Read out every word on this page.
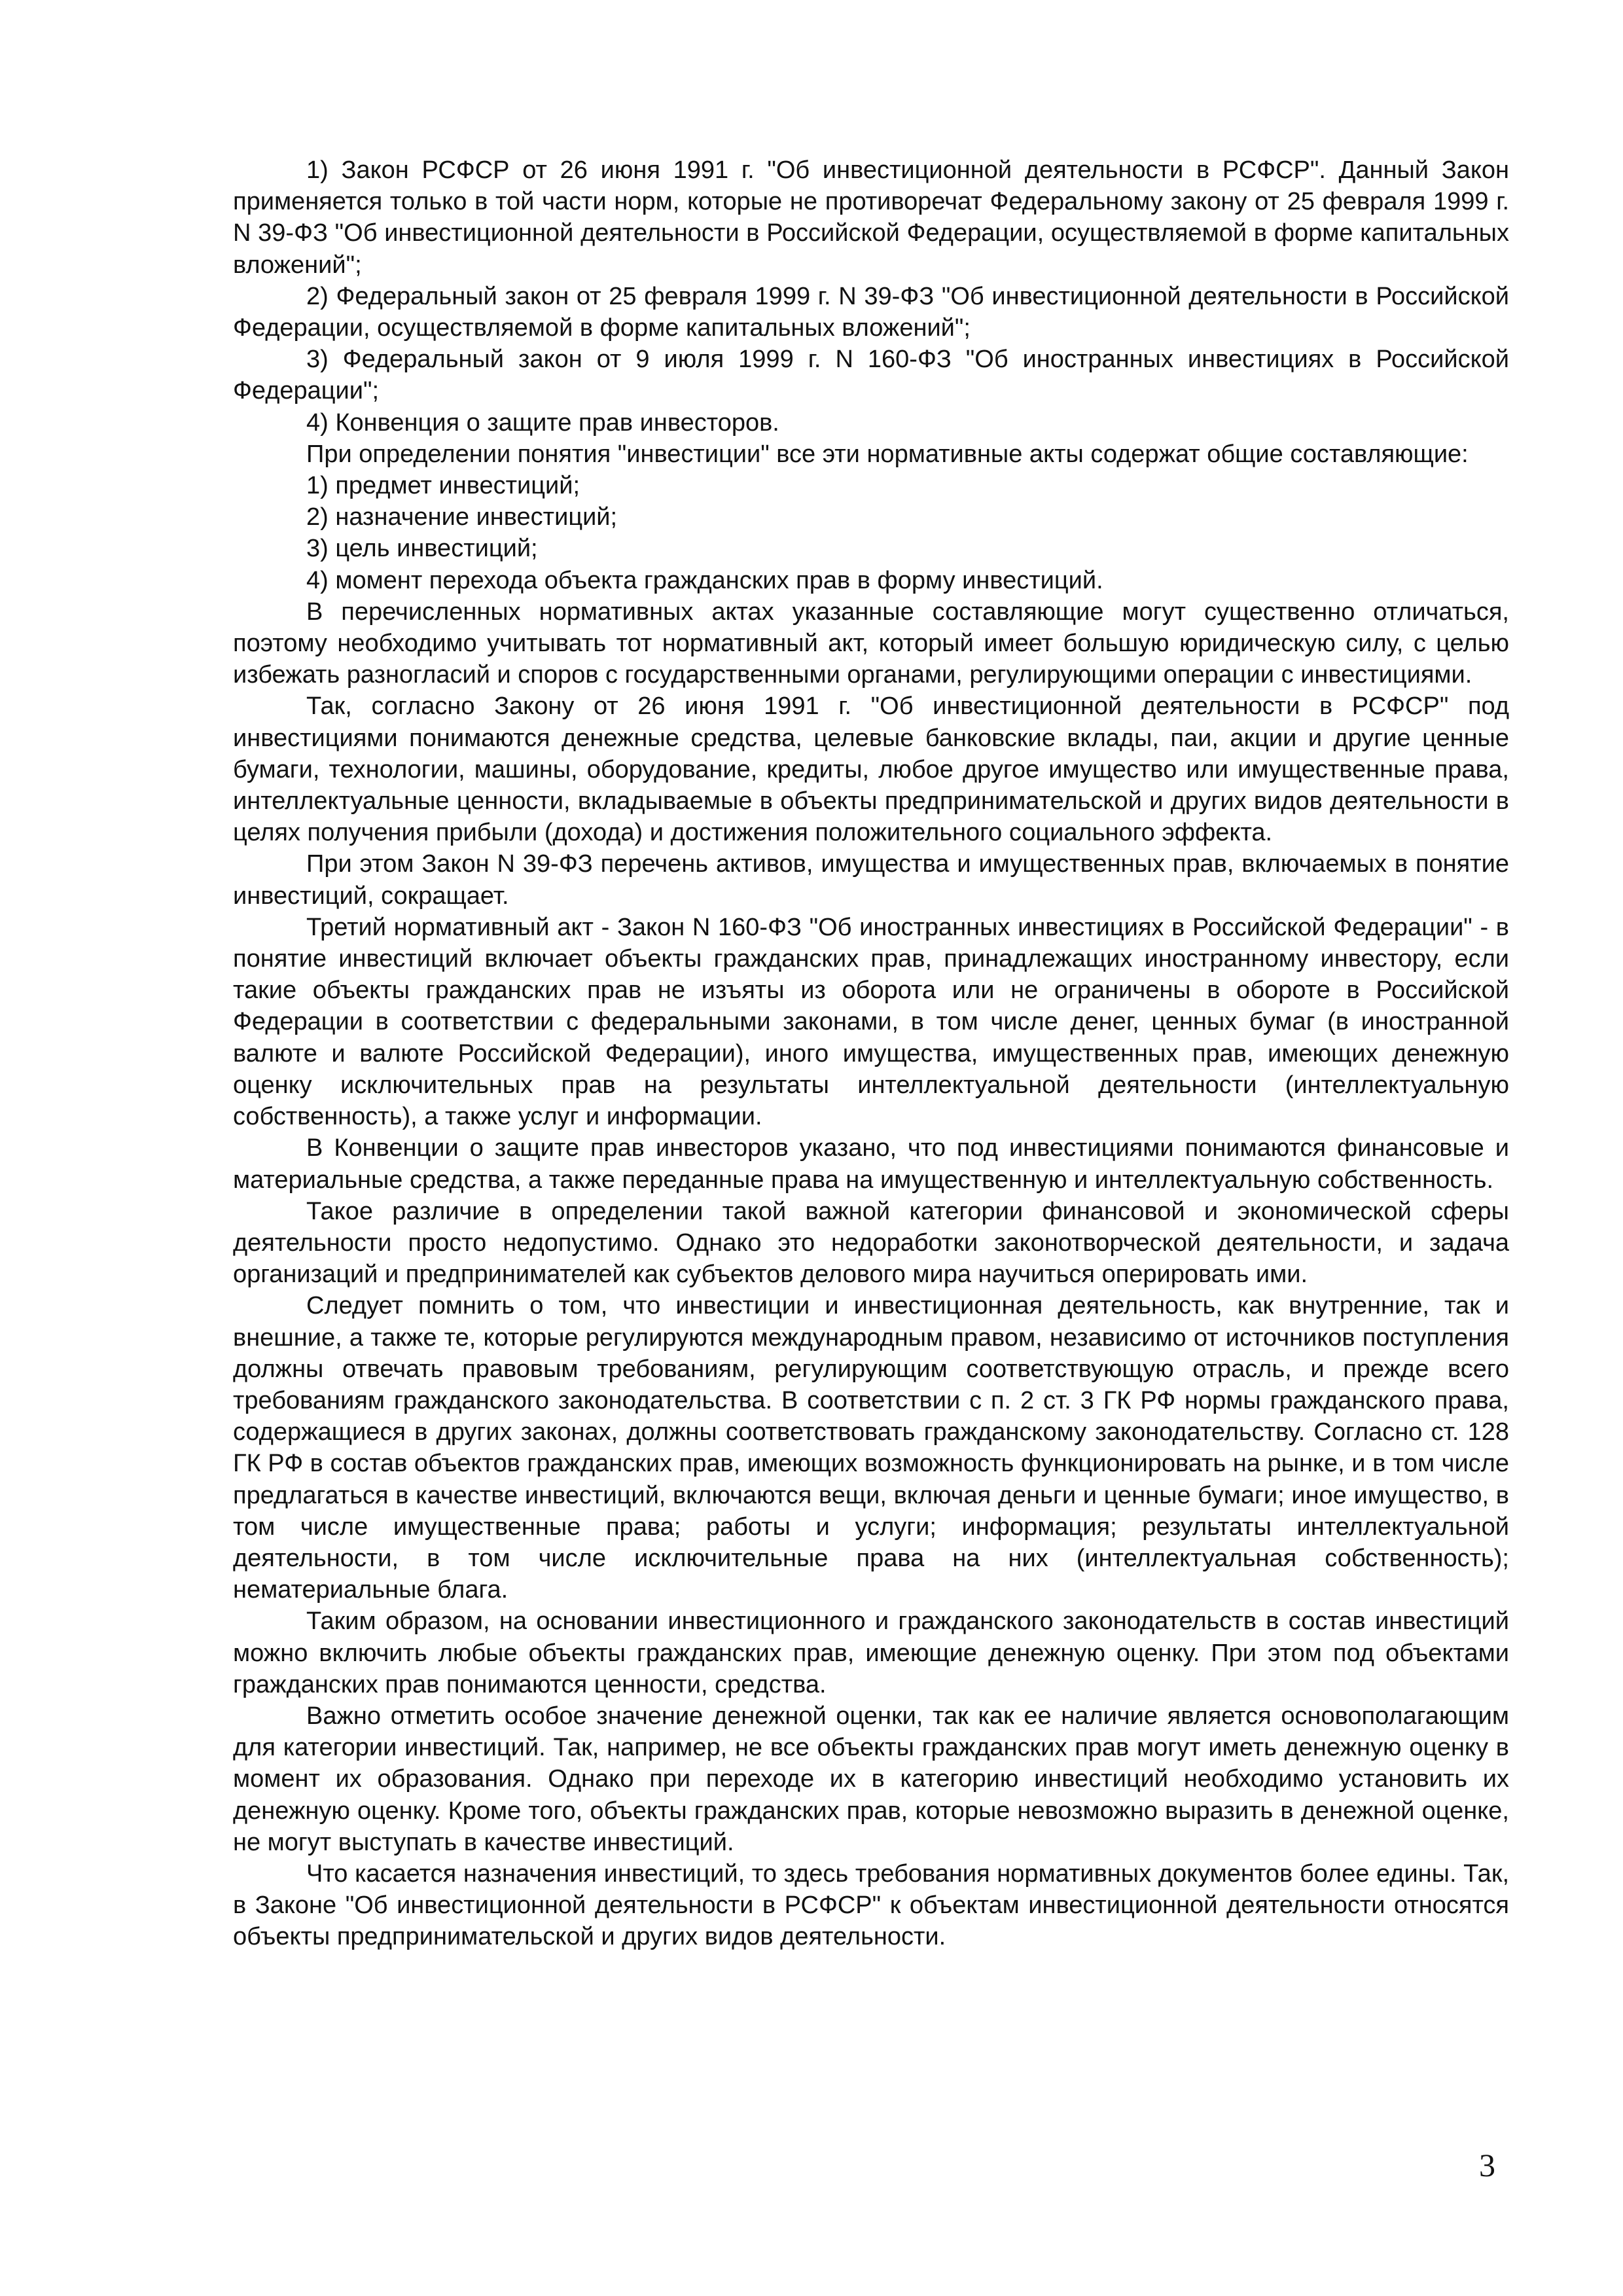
1) Закон РСФСР от 26 июня 1991 г. "Об инвестиционной деятельности в РСФСР". Данный Закон применяется только в той части норм, которые не противоречат Федеральному закону от 25 февраля 1999 г. N 39-ФЗ "Об инвестиционной деятельности в Российской Федерации, осуществляемой в форме капитальных вложений";

2) Федеральный закон от 25 февраля 1999 г. N 39-ФЗ "Об инвестиционной деятельности в Российской Федерации, осуществляемой в форме капитальных вложений";

3) Федеральный закон от 9 июля 1999 г. N 160-ФЗ "Об иностранных инвестициях в Российской Федерации";

4) Конвенция о защите прав инвесторов.

При определении понятия "инвестиции" все эти нормативные акты содержат общие составляющие:

1) предмет инвестиций;

2) назначение инвестиций;

3) цель инвестиций;

4) момент перехода объекта гражданских прав в форму инвестиций.

В перечисленных нормативных актах указанные составляющие могут существенно отличаться, поэтому необходимо учитывать тот нормативный акт, который имеет большую юридическую силу, с целью избежать разногласий и споров с государственными органами, регулирующими операции с инвестициями.

Так, согласно Закону от 26 июня 1991 г. "Об инвестиционной деятельности в РСФСР" под инвестициями понимаются денежные средства, целевые банковские вклады, паи, акции и другие ценные бумаги, технологии, машины, оборудование, кредиты, любое другое имущество или имущественные права, интеллектуальные ценности, вкладываемые в объекты предпринимательской и других видов деятельности в целях получения прибыли (дохода) и достижения положительного социального эффекта.

При этом Закон N 39-ФЗ перечень активов, имущества и имущественных прав, включаемых в понятие инвестиций, сокращает.

Третий нормативный акт - Закон N 160-ФЗ "Об иностранных инвестициях в Российской Федерации" - в понятие инвестиций включает объекты гражданских прав, принадлежащих иностранному инвестору, если такие объекты гражданских прав не изъяты из оборота или не ограничены в обороте в Российской Федерации в соответствии с федеральными законами, в том числе денег, ценных бумаг (в иностранной валюте и валюте Российской Федерации), иного имущества, имущественных прав, имеющих денежную оценку исключительных прав на результаты интеллектуальной деятельности (интеллектуальную собственность), а также услуг и информации.

В Конвенции о защите прав инвесторов указано, что под инвестициями понимаются финансовые и материальные средства, а также переданные права на имущественную и интеллектуальную собственность.

Такое различие в определении такой важной категории финансовой и экономической сферы деятельности просто недопустимо. Однако это недоработки законотворческой деятельности, и задача организаций и предпринимателей как субъектов делового мира научиться оперировать ими.

Следует помнить о том, что инвестиции и инвестиционная деятельность, как внутренние, так и внешние, а также те, которые регулируются международным правом, независимо от источников поступления должны отвечать правовым требованиям, регулирующим соответствующую отрасль, и прежде всего требованиям гражданского законодательства. В соответствии с п. 2 ст. 3 ГК РФ нормы гражданского права, содержащиеся в других законах, должны соответствовать гражданскому законодательству. Согласно ст. 128 ГК РФ в состав объектов гражданских прав, имеющих возможность функционировать на рынке, и в том числе предлагаться в качестве инвестиций, включаются вещи, включая деньги и ценные бумаги; иное имущество, в том числе имущественные права; работы и услуги; информация; результаты интеллектуальной деятельности, в том числе исключительные права на них (интеллектуальная собственность); нематериальные блага.

Таким образом, на основании инвестиционного и гражданского законодательств в состав инвестиций можно включить любые объекты гражданских прав, имеющие денежную оценку. При этом под объектами гражданских прав понимаются ценности, средства.

Важно отметить особое значение денежной оценки, так как ее наличие является основополагающим для категории инвестиций. Так, например, не все объекты гражданских прав могут иметь денежную оценку в момент их образования. Однако при переходе их в категорию инвестиций необходимо установить их денежную оценку. Кроме того, объекты гражданских прав, которые невозможно выразить в денежной оценке, не могут выступать в качестве инвестиций.

Что касается назначения инвестиций, то здесь требования нормативных документов более едины. Так, в Законе "Об инвестиционной деятельности в РСФСР" к объектам инвестиционной деятельности относятся объекты предпринимательской и других видов деятельности.

3
